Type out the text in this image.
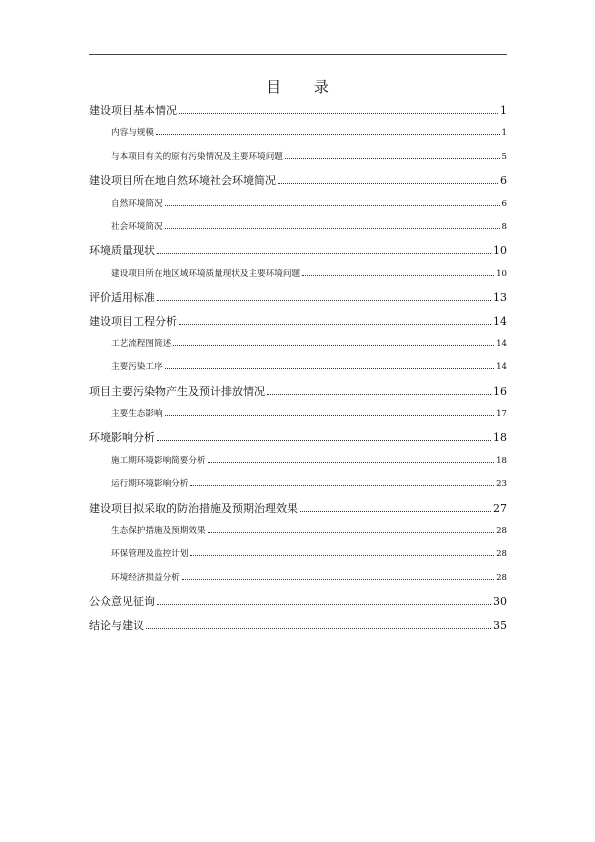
目 录
建设项目基本情况	1
内容与规模	1
与本项目有关的原有污染情况及主要环境问题	5
建设项目所在地自然环境社会环境简况	6
自然环境简况	6
社会环境简况	8
环境质量现状	10
建设项目所在地区域环境质量现状及主要环境问题	10
评价适用标准	13
建设项目工程分析	14
工艺流程图简述	14
主要污染工序	14
项目主要污染物产生及预计排放情况	16
主要生态影响	17
环境影响分析	18
施工期环境影响简要分析	18
运行期环境影响分析	23
建设项目拟采取的防治措施及预期治理效果	27
生态保护措施及预期效果	28
环保管理及监控计划	28
环境经济损益分析	28
公众意见征询	30
结论与建议	35
